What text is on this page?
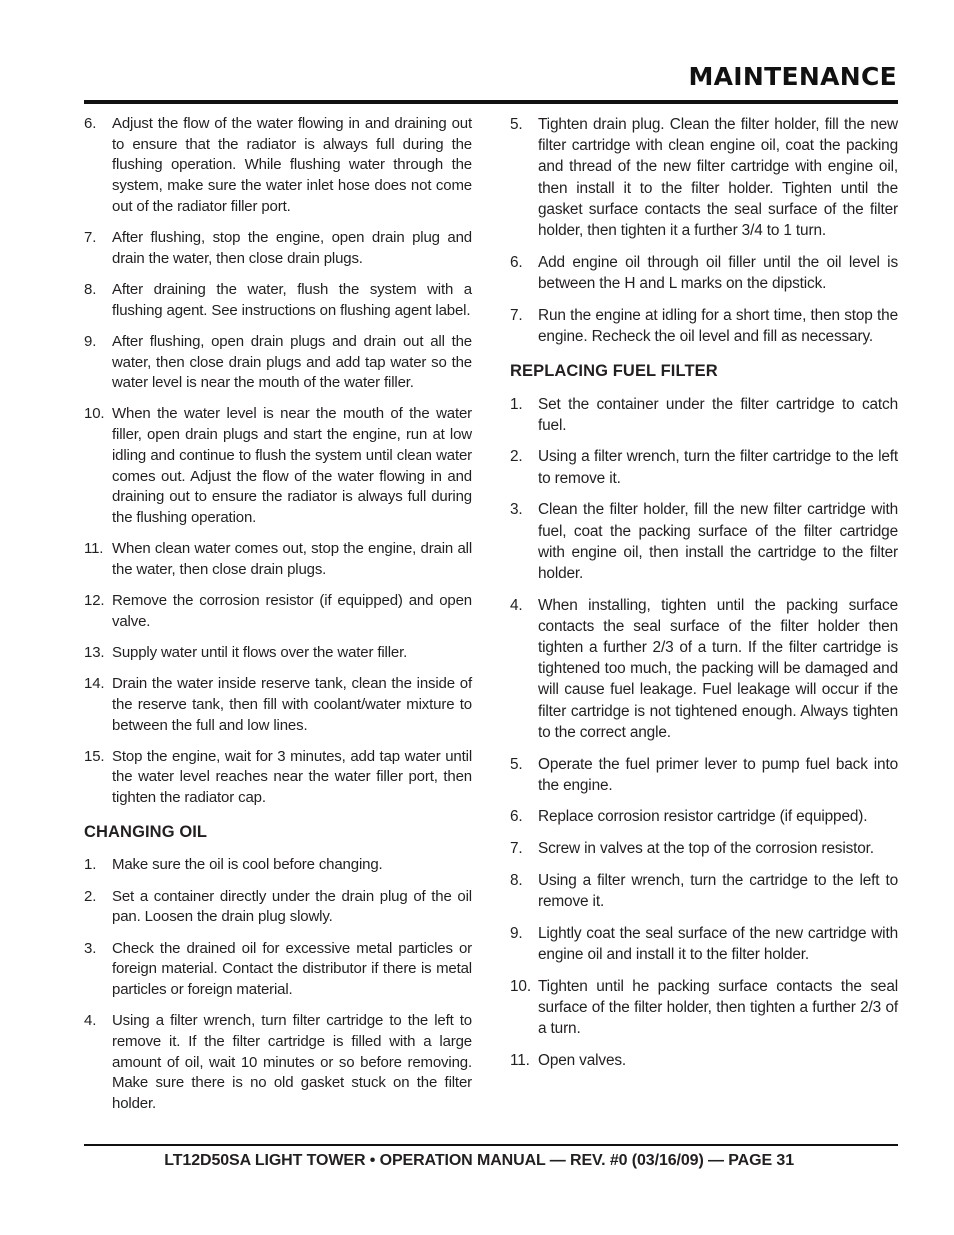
MAINTENANCE
6. Adjust the flow of the water flowing in and draining out to ensure that the radiator is always full during the flushing operation. While flushing water through the system, make sure the water inlet hose does not come out of the radiator filler port.
7. After flushing, stop the engine, open drain plug and drain the water, then close drain plugs.
8. After draining the water, flush the system with a flushing agent. See instructions on flushing agent label.
9. After flushing, open drain plugs and drain out all the water, then close drain plugs and add tap water so the water level is near the mouth of the water filler.
10. When the water level is near the mouth of the water filler, open drain plugs and start the engine, run at low idling and continue to flush the system until clean water comes out. Adjust the flow of the water flowing in and draining out to ensure the radiator is always full during the flushing operation.
11. When clean water comes out, stop the engine, drain all the water, then close drain plugs.
12. Remove the corrosion resistor (if equipped) and open valve.
13. Supply water until it flows over the water filler.
14. Drain the water inside reserve tank, clean the inside of the reserve tank, then fill with coolant/water mixture to between the full and low lines.
15. Stop the engine, wait for 3 minutes, add tap water until the water level reaches near the water filler port, then tighten the radiator cap.
CHANGING OIL
1. Make sure the oil is cool before changing.
2. Set a container directly under the drain plug of the oil pan. Loosen the drain plug slowly.
3. Check the drained oil for excessive metal particles or foreign material. Contact the distributor if there is metal particles or foreign material.
4. Using a filter wrench, turn filter cartridge to the left to remove it. If the filter cartridge is filled with a large amount of oil, wait 10 minutes or so before removing. Make sure there is no old gasket stuck on the filter holder.
5. Tighten drain plug. Clean the filter holder, fill the new filter cartridge with clean engine oil, coat the packing and thread of the new filter cartridge with engine oil, then install it to the filter holder. Tighten until the gasket surface contacts the seal surface of the filter holder, then tighten it a further 3/4 to 1 turn.
6. Add engine oil through oil filler until the oil level is between the H and L marks on the dipstick.
7. Run the engine at idling for a short time, then stop the engine. Recheck the oil level and fill as necessary.
REPLACING FUEL FILTER
1. Set the container under the filter cartridge to catch fuel.
2. Using a filter wrench, turn the filter cartridge to the left to remove it.
3. Clean the filter holder, fill the new filter cartridge with fuel, coat the packing surface of the filter cartridge with engine oil, then install the cartridge to the filter holder.
4. When installing, tighten until the packing surface contacts the seal surface of the filter holder then tighten a further 2/3 of a turn. If the filter cartridge is tightened too much, the packing will be damaged and will cause fuel leakage. Fuel leakage will occur if the filter cartridge is not tightened enough. Always tighten to the correct angle.
5. Operate the fuel primer lever to pump fuel back into the engine.
6. Replace corrosion resistor cartridge (if equipped).
7. Screw in valves at the top of the corrosion resistor.
8. Using a filter wrench, turn the cartridge to the left to remove it.
9. Lightly coat the seal surface of the new cartridge with engine oil and install it to the filter holder.
10. Tighten until he packing surface contacts the seal surface of the filter holder, then tighten a further 2/3 of a turn.
11. Open valves.

LT12D50SA LIGHT TOWER • OPERATION MANUAL — REV. #0 (03/16/09) — PAGE 31
